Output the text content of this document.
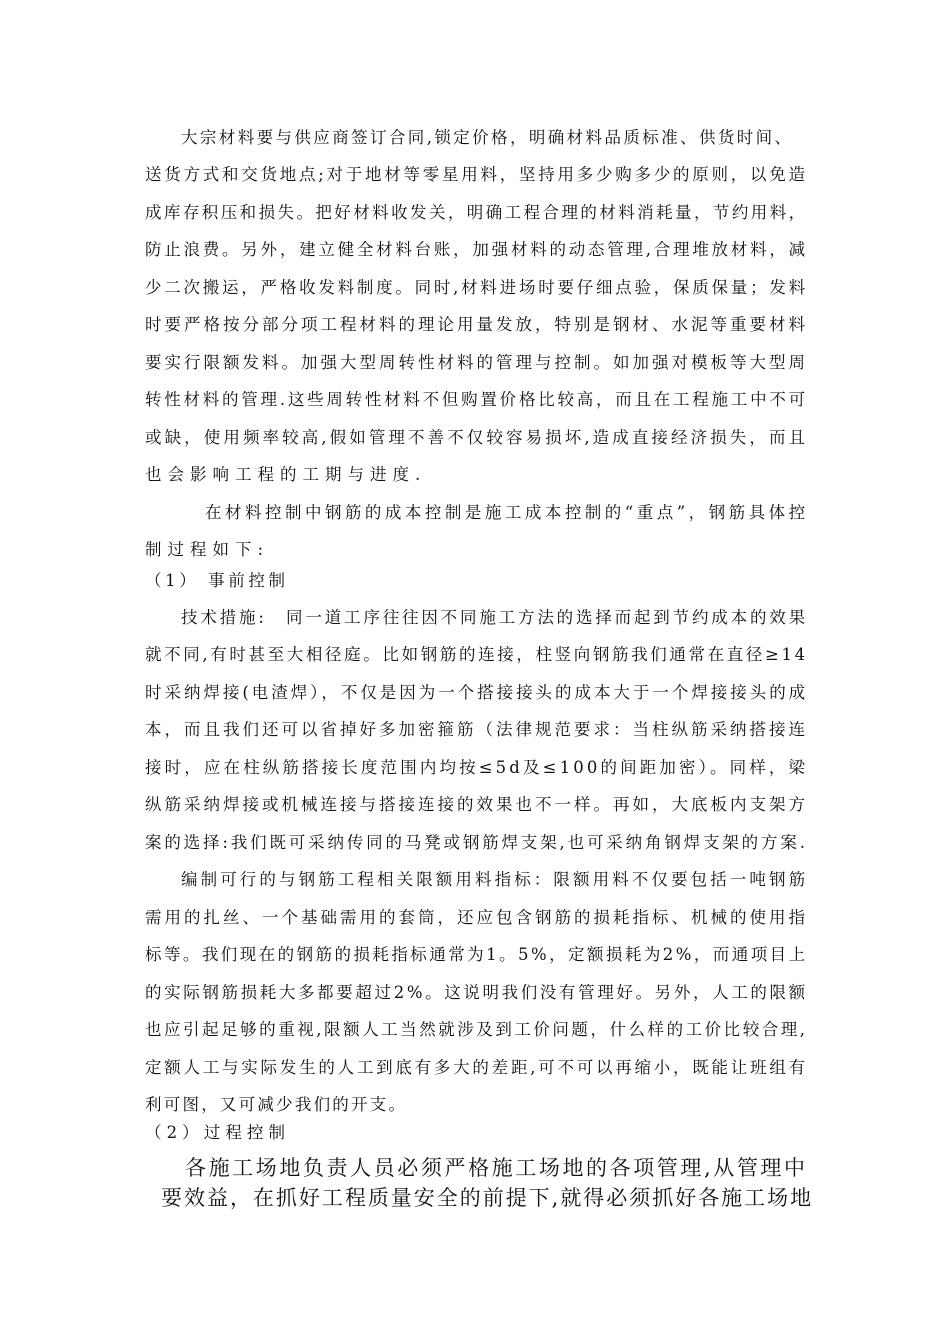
大宗材料要与供应商签订合同,锁定价格，明确材料品质标准、供货时间、
送货方式和交货地点;对于地材等零星用料，坚持用多少购多少的原则，以免造
成库存积压和损失。把好材料收发关，明确工程合理的材料消耗量，节约用料，
防止浪费。另外，建立健全材料台账，加强材料的动态管理,合理堆放材料，减
少二次搬运，严格收发料制度。同时,材料进场时要仔细点验，保质保量；发料
时要严格按分部分项工程材料的理论用量发放，特别是钢材、水泥等重要材料
要实行限额发料。加强大型周转性材料的管理与控制。如加强对模板等大型周
转性材料的管理.这些周转性材料不但购置价格比较高，而且在工程施工中不可
或缺，使用频率较高,假如管理不善不仅较容易损坏,造成直接经济损失，而且
也会影响工程的工期与进度.
在材料控制中钢筋的成本控制是施工成本控制的“重点”，钢筋具体控
制过程如下:
（1） 事前控制
技术措施:　同一道工序往往因不同施工方法的选择而起到节约成本的效果
就不同,有时甚至大相径庭。比如钢筋的连接，柱竖向钢筋我们通常在直径≥14
时采纳焊接(电渣焊），不仅是因为一个搭接接头的成本大于一个焊接接头的成
本，而且我们还可以省掉好多加密箍筋（法律规范要求：当柱纵筋采纳搭接连
接时，应在柱纵筋搭接长度范围内均按≤5d及≤100的间距加密）。同样，梁
纵筋采纳焊接或机械连接与搭接连接的效果也不一样。再如，大底板内支架方
案的选择:我们既可采纳传同的马凳或钢筋焊支架,也可采纳角钢焊支架的方案.
编制可行的与钢筋工程相关限额用料指标：限额用料不仅要包括一吨钢筋
需用的扎丝、一个基础需用的套筒，还应包含钢筋的损耗指标、机械的使用指
标等。我们现在的钢筋的损耗指标通常为1。5%，定额损耗为2%，而通项目上
的实际钢筋损耗大多都要超过2%。这说明我们没有管理好。另外，人工的限额
也应引起足够的重视,限额人工当然就涉及到工价问题，什么样的工价比较合理,
定额人工与实际发生的人工到底有多大的差距,可不可以再缩小，既能让班组有
利可图，又可减少我们的开支。
（2）过程控制
各施工场地负责人员必须严格施工场地的各项管理,从管理中
要效益，在抓好工程质量安全的前提下,就得必须抓好各施工场地
